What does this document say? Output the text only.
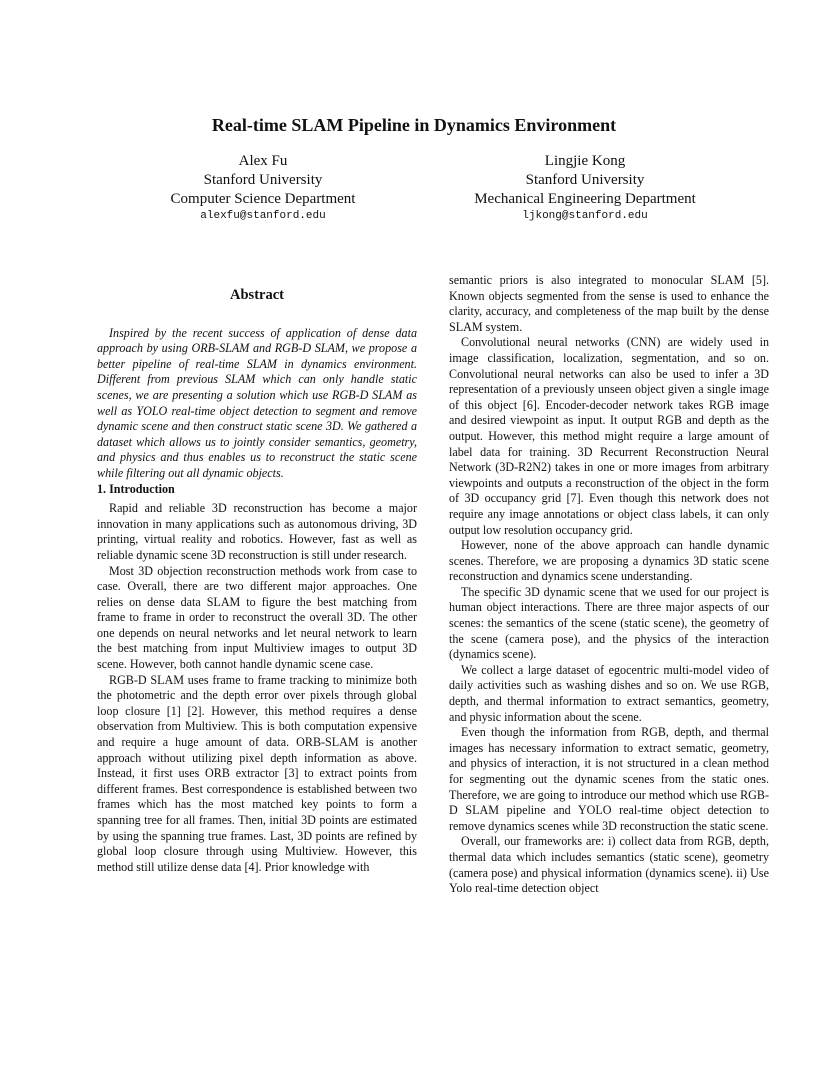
Real-time SLAM Pipeline in Dynamics Environment
Alex Fu
Stanford University
Computer Science Department
alexfu@stanford.edu
Lingjie Kong
Stanford University
Mechanical Engineering Department
ljkong@stanford.edu
Abstract

Inspired by the recent success of application of dense data approach by using ORB-SLAM and RGB-D SLAM, we propose a better pipeline of real-time SLAM in dynamics environment. Different from previous SLAM which can only handle static scenes, we are presenting a solution which use RGB-D SLAM as well as YOLO real-time object detection to segment and remove dynamic scene and then construct static scene 3D. We gathered a dataset which allows us to jointly consider semantics, geometry, and physics and thus enables us to reconstruct the static scene while filtering out all dynamic objects.

1. Introduction

Rapid and reliable 3D reconstruction has become a major innovation in many applications such as autonomous driving, 3D printing, virtual reality and robotics. However, fast as well as reliable dynamic scene 3D reconstruction is still under research.

Most 3D objection reconstruction methods work from case to case. Overall, there are two different major approaches. One relies on dense data SLAM to figure the best matching from frame to frame in order to reconstruct the overall 3D. The other one depends on neural networks and let neural network to learn the best matching from input Multiview images to output 3D scene. However, both cannot handle dynamic scene case.

RGB-D SLAM uses frame to frame tracking to minimize both the photometric and the depth error over pixels through global loop closure [1] [2]. However, this method requires a dense observation from Multiview. This is both computation expensive and require a huge amount of data. ORB-SLAM is another approach without utilizing pixel depth information as above. Instead, it first uses ORB extractor [3] to extract points from different frames. Best correspondence is established between two frames which has the most matched key points to form a spanning tree for all frames. Then, initial 3D points are estimated by using the spanning true frames. Last, 3D points are refined by global loop closure through using Multiview. However, this method still utilize dense data [4]. Prior knowledge with

semantic priors is also integrated to monocular SLAM [5]. Known objects segmented from the sense is used to enhance the clarity, accuracy, and completeness of the map built by the dense SLAM system.

Convolutional neural networks (CNN) are widely used in image classification, localization, segmentation, and so on. Convolutional neural networks can also be used to infer a 3D representation of a previously unseen object given a single image of this object [6]. Encoder-decoder network takes RGB image and desired viewpoint as input. It output RGB and depth as the output. However, this method might require a large amount of label data for training. 3D Recurrent Reconstruction Neural Network (3D-R2N2) takes in one or more images from arbitrary viewpoints and outputs a reconstruction of the object in the form of 3D occupancy grid [7]. Even though this network does not require any image annotations or object class labels, it can only output low resolution occupancy grid.

However, none of the above approach can handle dynamic scenes. Therefore, we are proposing a dynamics 3D static scene reconstruction and dynamics scene understanding.

The specific 3D dynamic scene that we used for our project is human object interactions. There are three major aspects of our scenes: the semantics of the scene (static scene), the geometry of the scene (camera pose), and the physics of the interaction (dynamics scene).

We collect a large dataset of egocentric multi-model video of daily activities such as washing dishes and so on. We use RGB, depth, and thermal information to extract semantics, geometry, and physic information about the scene.

Even though the information from RGB, depth, and thermal images has necessary information to extract sematic, geometry, and physics of interaction, it is not structured in a clean method for segmenting out the dynamic scenes from the static ones. Therefore, we are going to introduce our method which use RGB-D SLAM pipeline and YOLO real-time object detection to remove dynamics scenes while 3D reconstruction the static scene.

Overall, our frameworks are: i) collect data from RGB, depth, thermal data which includes semantics (static scene), geometry (camera pose) and physical information (dynamics scene). ii) Use Yolo real-time detection object
